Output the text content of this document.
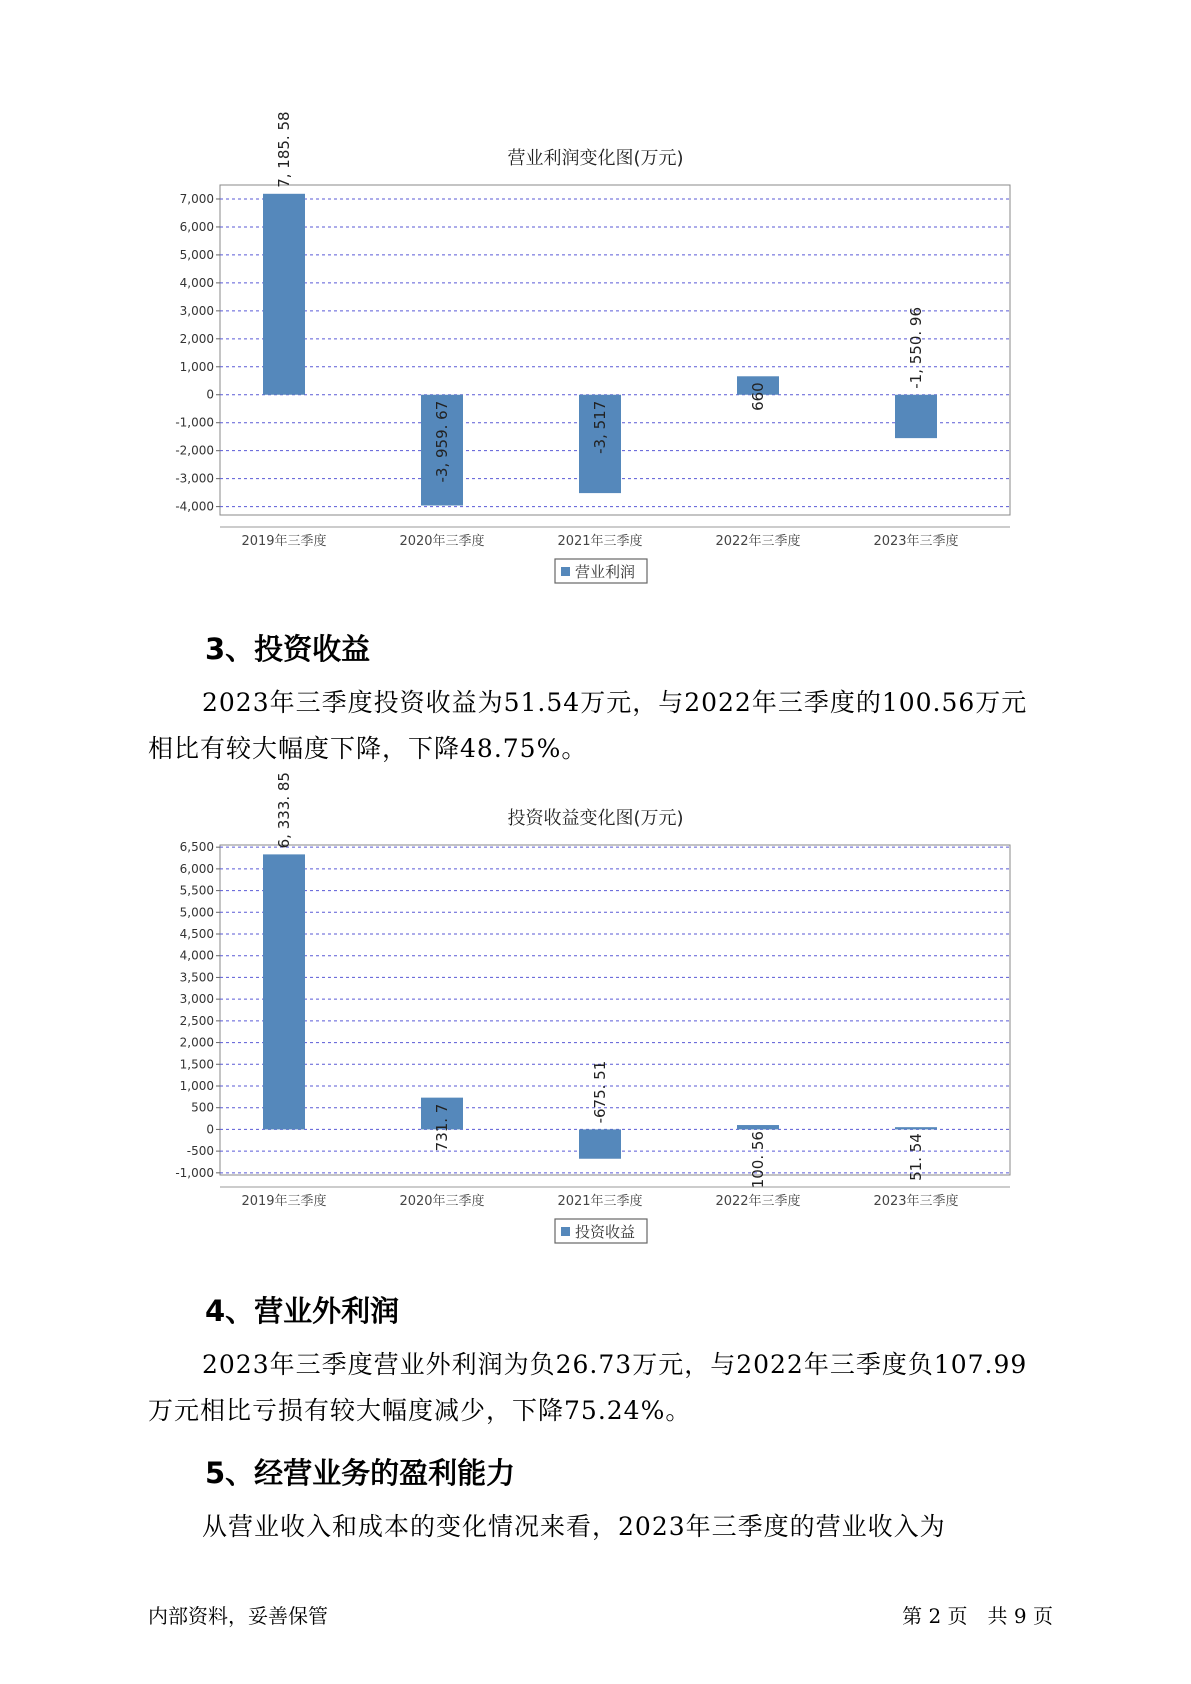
营业利润变化图(万元)
-4,000
-3,000
-2,000
-1,000
0
1,000
2,000
3,000
4,000
5,000
6,000
7,000
7, 185. 58
2019年三季度
-3, 959. 67
2020年三季度
-3, 517
2021年三季度
660
2022年三季度
-1, 550. 96
2023年三季度
营业利润
3、投资收益

2023年三季度投资收益为51.54万元，与2022年三季度的100.56万元相比有较大幅度下降，下降48.75%。

投资收益变化图(万元)
-1,000
-500
0
500
1,000
1,500
2,000
2,500
3,000
3,500
4,000
4,500
5,000
5,500
6,000
6,500	6, 333. 85
2019年三季度
731. 7
2020年三季度
-675. 51
2021年三季度
100. 56
2022年三季度
51. 54
2023年三季度
投资收益
4、营业外利润

2023年三季度营业外利润为负26.73万元，与2022年三季度负107.99万元相比亏损有较大幅度减少，下降75.24%。

5、经营业务的盈利能力

从营业收入和成本的变化情况来看，2023年三季度的营业收入为

内部资料，妥善保管	第 2 页　共 9 页
